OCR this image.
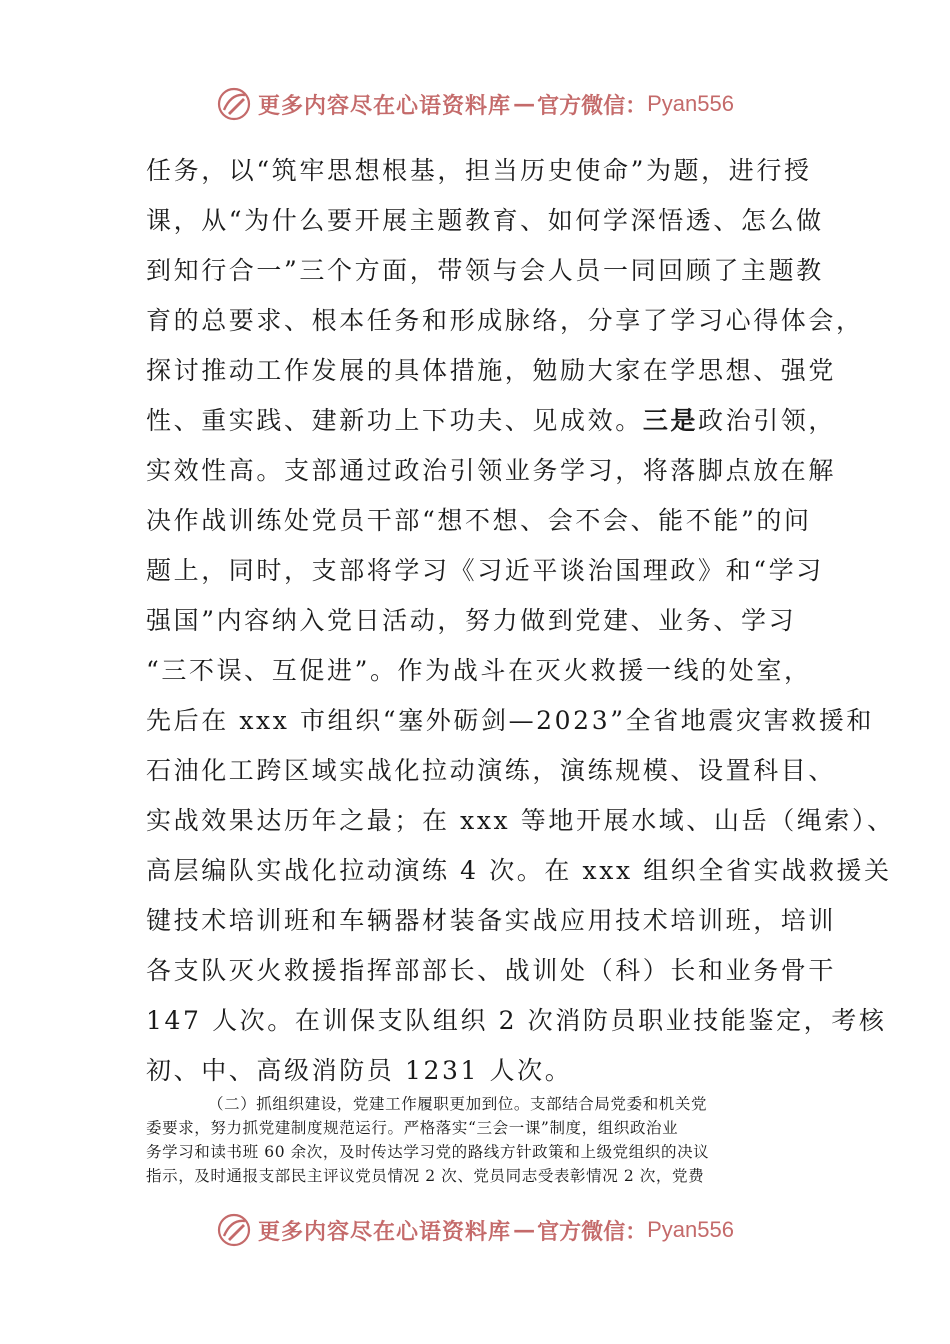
更多内容尽在心语资料库 — 官方微信： Pyan556
任务，以“筑牢思想根基，担当历史使命”为题，进行授
课，从“为什么要开展主题教育、如何学深悟透、怎么做
到知行合一”三个方面，带领与会人员一同回顾了主题教
育的总要求、根本任务和形成脉络，分享了学习心得体会，
探讨推动工作发展的具体措施，勉励大家在学思想、强党
性、重实践、建新功上下功夫、见成效。三是政治引领，
实效性高。支部通过政治引领业务学习，将落脚点放在解
决作战训练处党员干部“想不想、会不会、能不能”的问
题上，同时，支部将学习《习近平谈治国理政》和“学习
强国”内容纳入党日活动，努力做到党建、业务、学习
“三不误、互促进”。作为战斗在灭火救援一线的处室，
先后在 xxx 市组织“塞外砺剑—2023”全省地震灾害救援和
石油化工跨区域实战化拉动演练，演练规模、设置科目、
实战效果达历年之最；在 xxx 等地开展水域、山岳（绳索）、
高层编队实战化拉动演练 4 次。在 xxx 组织全省实战救援关
键技术培训班和车辆器材装备实战应用技术培训班，培训
各支队灭火救援指挥部部长、战训处（科）长和业务骨干
147 人次。在训保支队组织 2 次消防员职业技能鉴定，考核
初、中、高级消防员 1231 人次。
（二）抓组织建设，党建工作履职更加到位。支部结合局党委和机关党
委要求，努力抓党建制度规范运行。严格落实“三会一课”制度，组织政治业
务学习和读书班 60 余次，及时传达学习党的路线方针政策和上级党组织的决议
指示，及时通报支部民主评议党员情况 2 次、党员同志受表彰情况 2 次，党费
更多内容尽在心语资料库 — 官方微信： Pyan556
